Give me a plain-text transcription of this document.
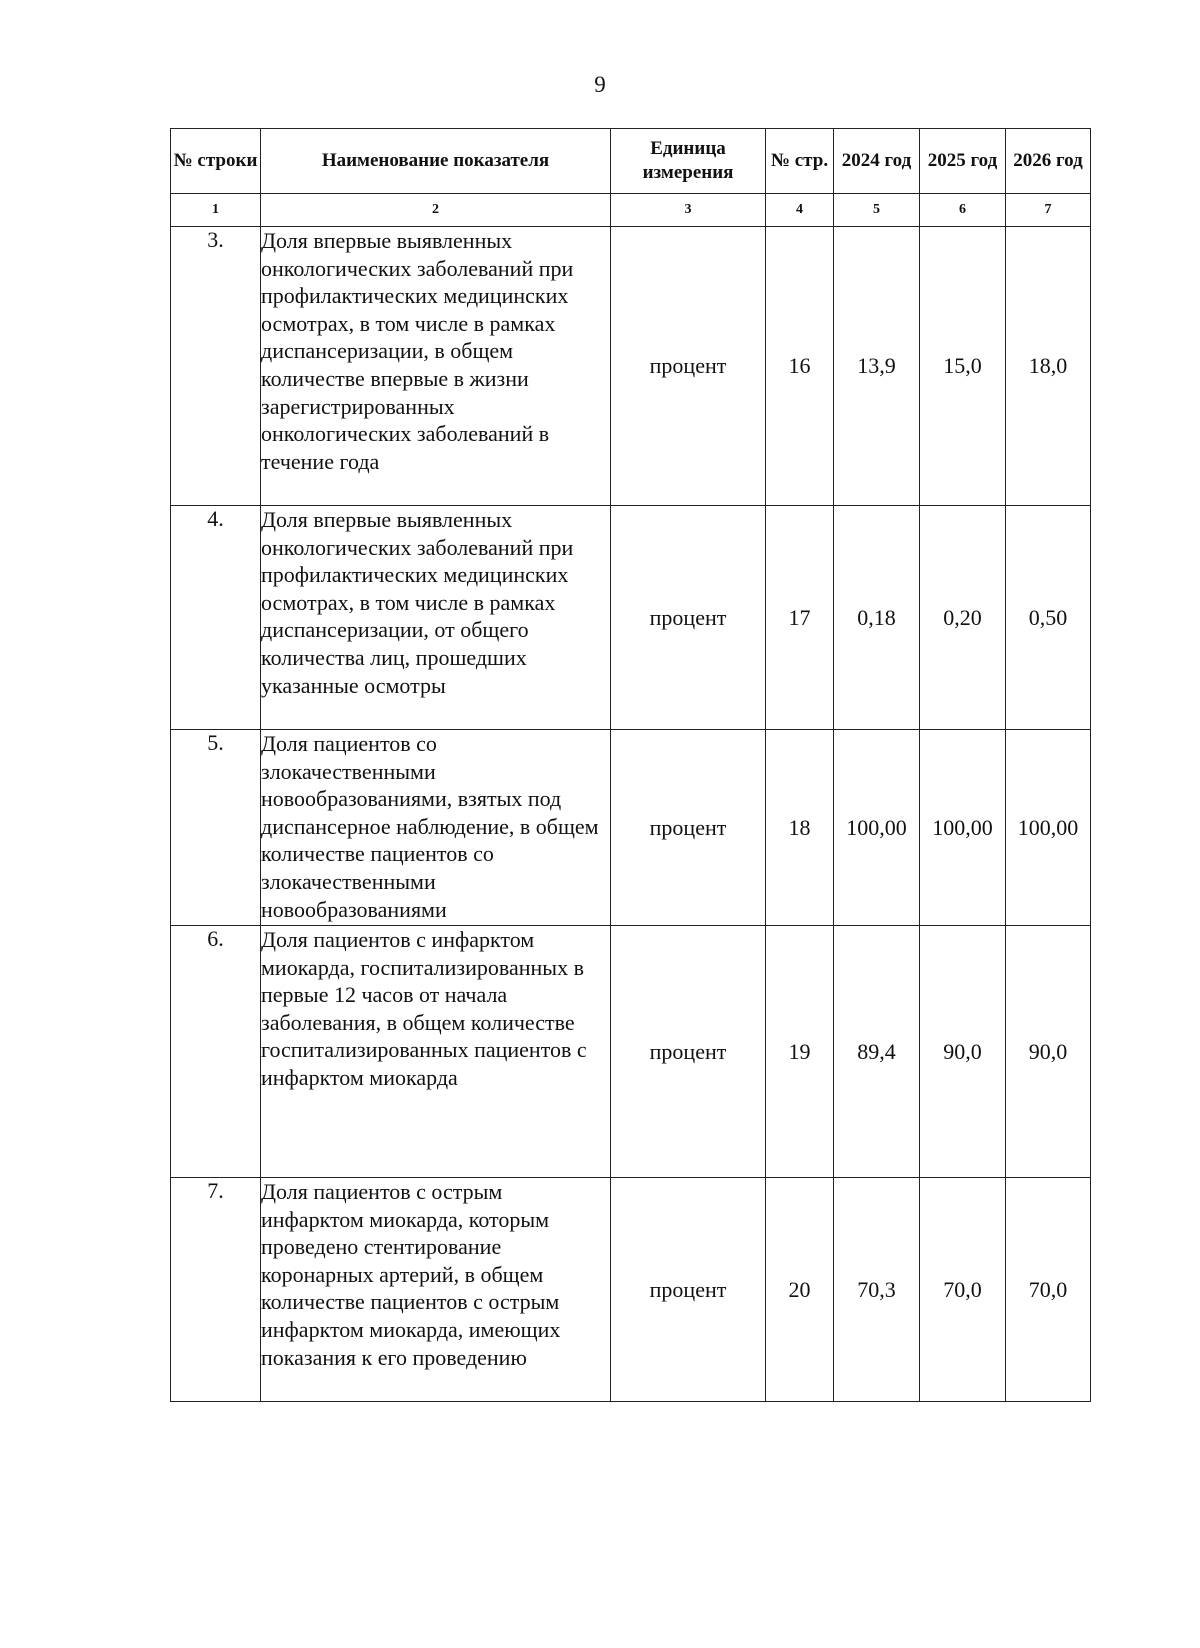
9
№ строки	Наименование показателя	Единица измерения	№ стр.	2024 год	2025 год	2026 год
1	2	3	4	5	6	7
3.	Доля впервые выявленных онкологических заболеваний при профилактических медицинских осмотрах, в том числе в рамках диспансеризации, в общем количестве впервые в жизни зарегистрированных онкологических заболеваний в течение года	процент	16	13,9	15,0	18,0
4.	Доля впервые выявленных онкологических заболеваний при профилактических медицинских осмотрах, в том числе в рамках диспансеризации, от общего количества лиц, прошедших указанные осмотры	процент	17	0,18	0,20	0,50
5.	Доля пациентов со злокачественными новообразованиями, взятых под диспансерное наблюдение, в общем количестве пациентов со злокачественными новообразованиями	процент	18	100,00	100,00	100,00
6.	Доля пациентов с инфарктом миокарда, госпитализированных в первые 12 часов от начала заболевания, в общем количестве госпитализированных пациентов с инфарктом миокарда	процент	19	89,4	90,0	90,0
7.	Доля пациентов с острым инфарктом миокарда, которым проведено стентирование коронарных артерий, в общем количестве пациентов с острым инфарктом миокарда, имеющих показания к его проведению	процент	20	70,3	70,0	70,0
